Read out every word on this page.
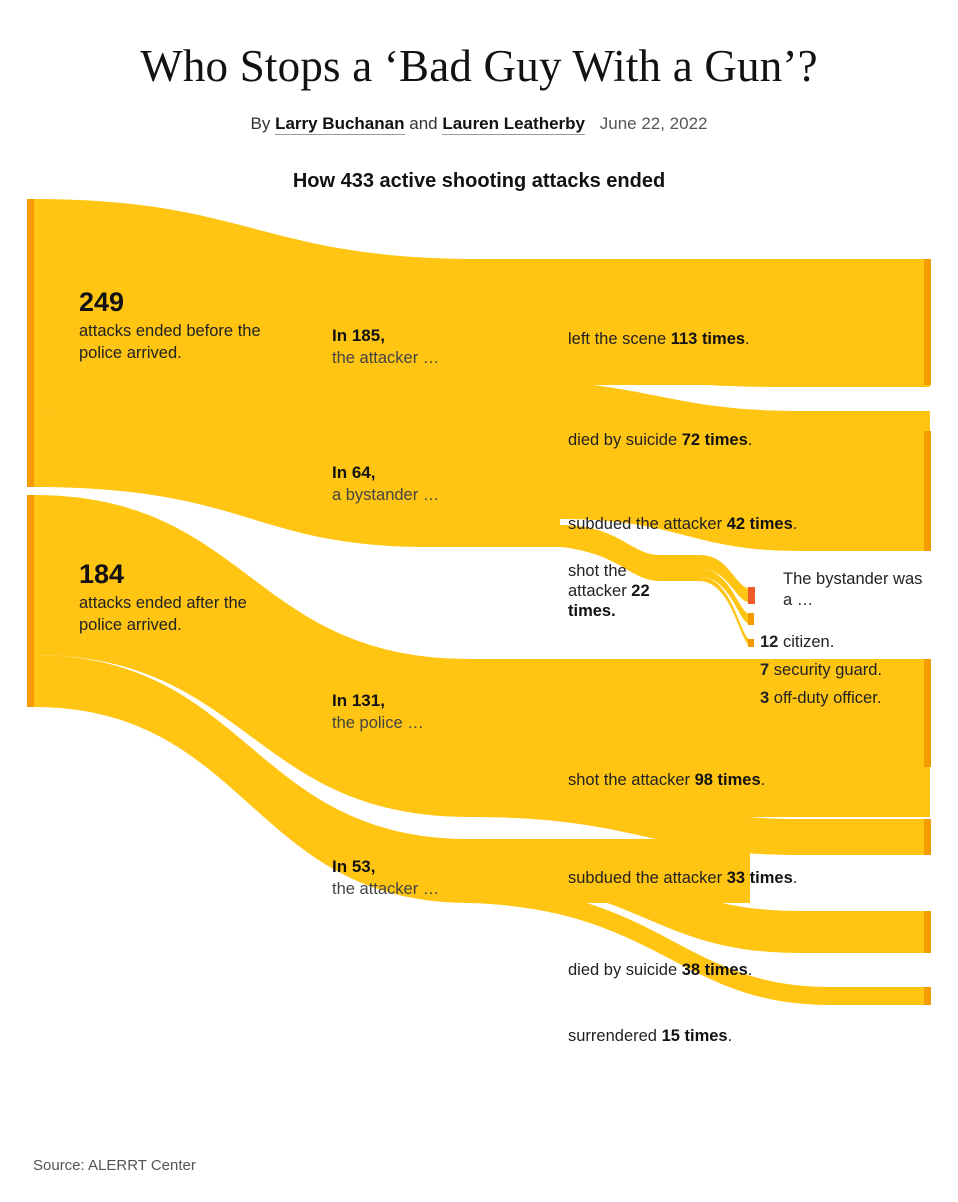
Who Stops a ‘Bad Guy With a Gun’?
By Larry Buchanan and Lauren Leatherby June 22, 2022
How 433 active shooting attacks ended
249
attacks ended before the police arrived.
184
attacks ended after the police arrived.
In 185,
the attacker …
In 64,
a bystander …
In 131,
the police …
In 53,
the attacker …
left the scene 113 times.
died by suicide 72 times.
subdued the attacker 42 times.
shot the attacker 22 times.
shot the attacker 98 times.
subdued the attacker 33 times.
died by suicide 38 times.
surrendered 15 times.
The bystander was a …
12 citizen.
7 security guard.
3 off-duty officer.
Source: ALERRT Center
